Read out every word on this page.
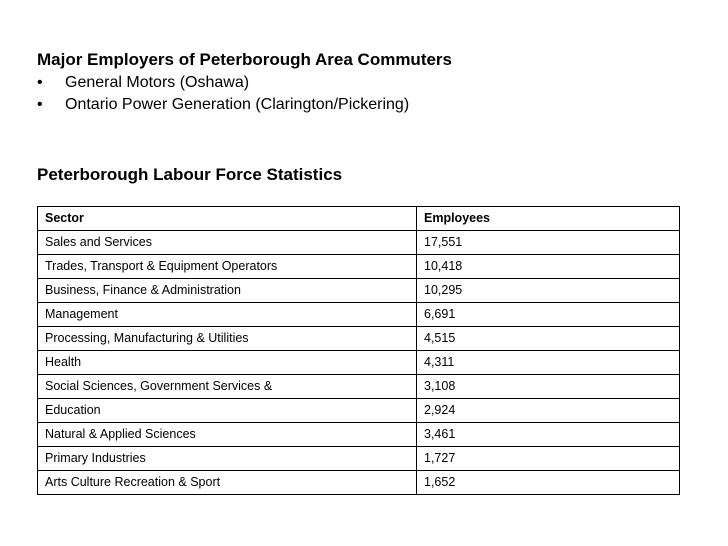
Major Employers of Peterborough Area Commuters
• General Motors (Oshawa)
• Ontario Power Generation (Clarington/Pickering)
Peterborough Labour Force Statistics
Sector	Employees
Sales and Services	17,551
Trades, Transport & Equipment Operators	10,418
Business, Finance & Administration	10,295
Management	6,691
Processing, Manufacturing & Utilities	4,515
Health	4,311
Social Sciences, Government Services &	3,108
Education	2,924
Natural & Applied Sciences	3,461
Primary Industries	1,727
Arts Culture Recreation & Sport	1,652
